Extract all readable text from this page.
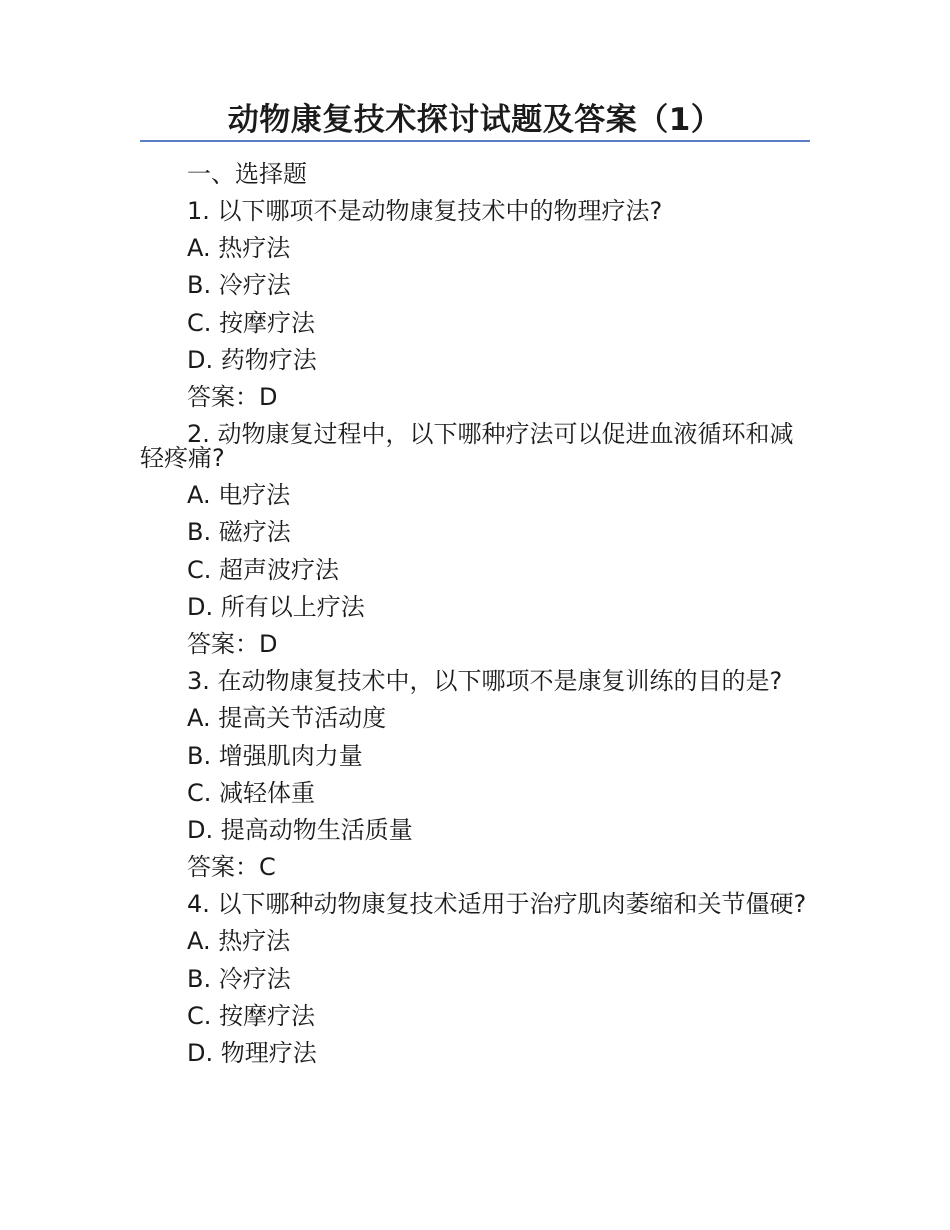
动物康复技术探讨试题及答案（1）
一、选择题
1. 以下哪项不是动物康复技术中的物理疗法?
A. 热疗法
B. 冷疗法
C. 按摩疗法
D. 药物疗法
答案：D
2. 动物康复过程中，以下哪种疗法可以促进血液循环和减轻疼痛?
A. 电疗法
B. 磁疗法
C. 超声波疗法
D. 所有以上疗法
答案：D
3. 在动物康复技术中，以下哪项不是康复训练的目的是?
A. 提高关节活动度
B. 增强肌肉力量
C. 减轻体重
D. 提高动物生活质量
答案：C
4. 以下哪种动物康复技术适用于治疗肌肉萎缩和关节僵硬?
A. 热疗法
B. 冷疗法
C. 按摩疗法
D. 物理疗法
